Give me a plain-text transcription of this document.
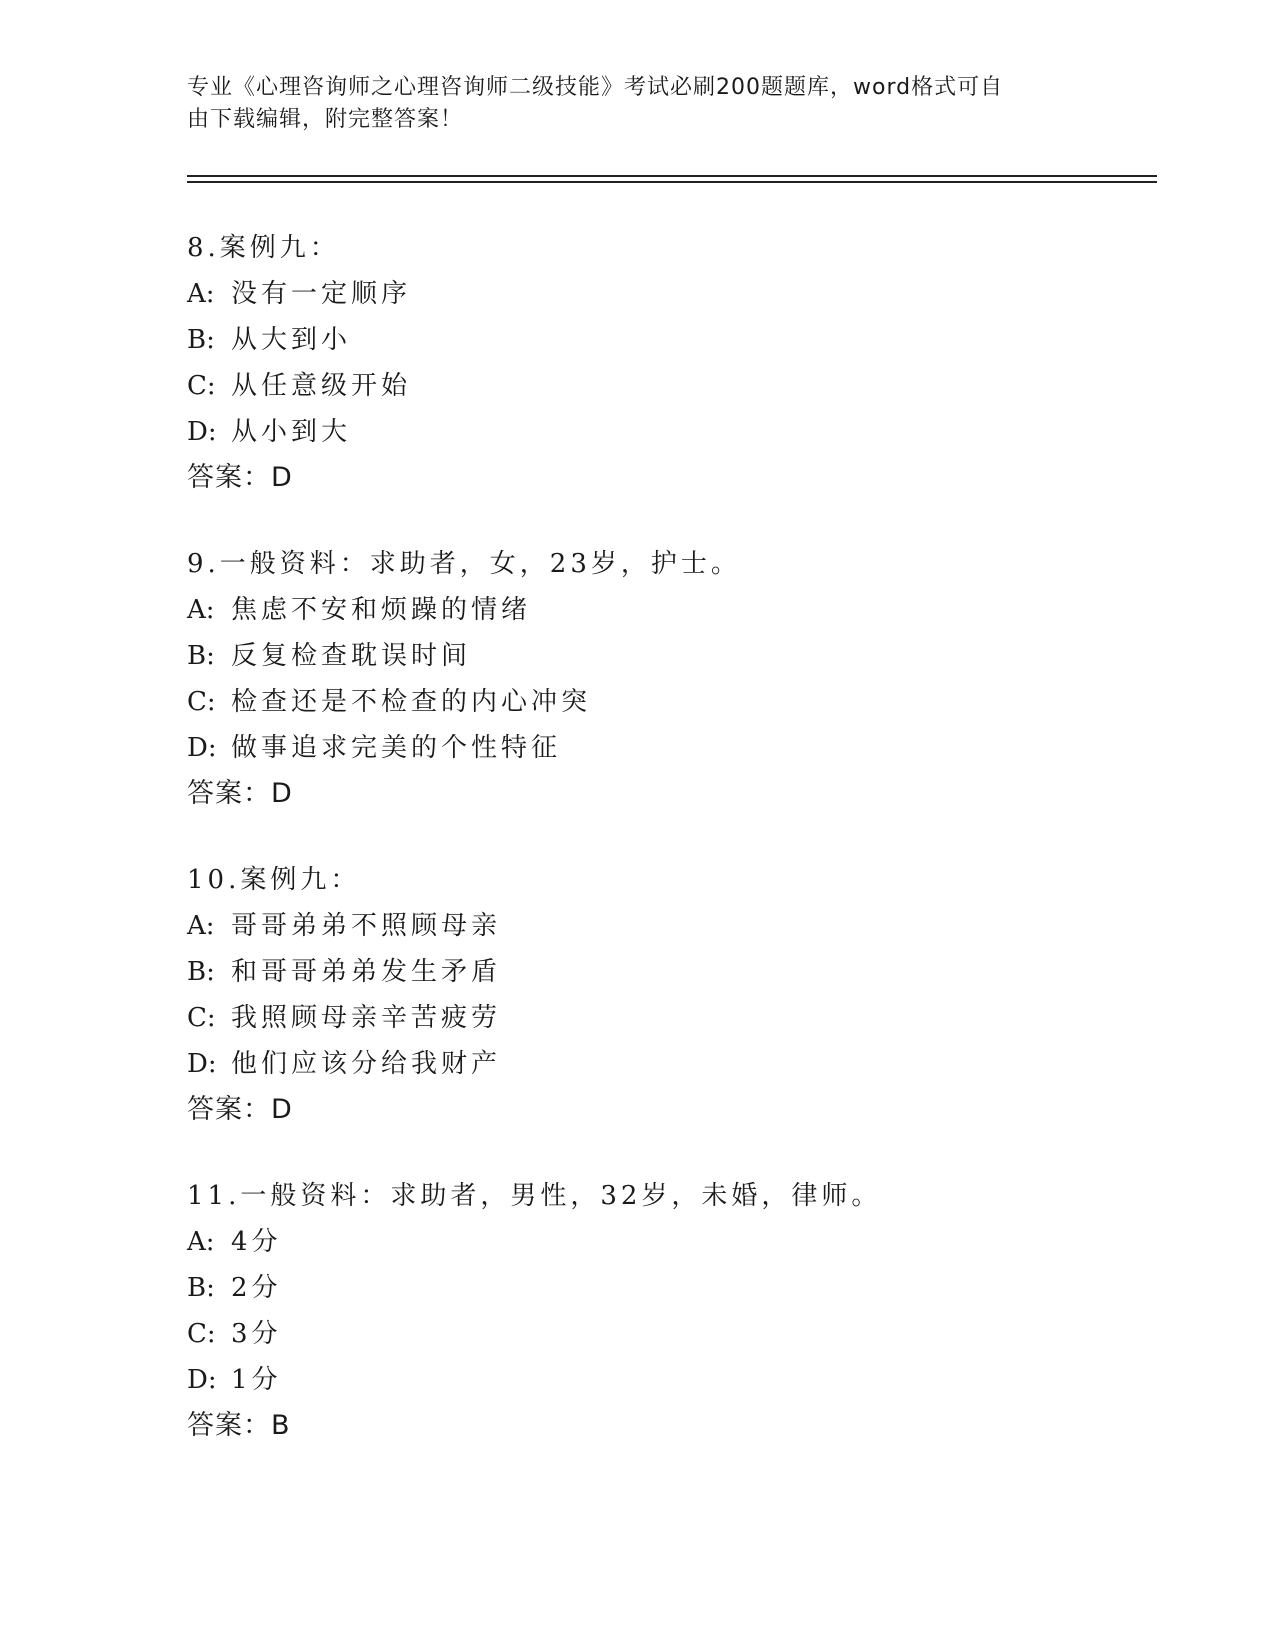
专业《心理咨询师之心理咨询师二级技能》考试必刷200题题库，word格式可自
由下载编辑，附完整答案！
8.案例九：
A: 没有一定顺序
B: 从大到小
C: 从任意级开始
D: 从小到大
答案：D
9.一般资料：求助者，女，23岁，护士。
A: 焦虑不安和烦躁的情绪
B: 反复检查耽误时间
C: 检查还是不检查的内心冲突
D: 做事追求完美的个性特征
答案：D
10.案例九：
A: 哥哥弟弟不照顾母亲
B: 和哥哥弟弟发生矛盾
C: 我照顾母亲辛苦疲劳
D: 他们应该分给我财产
答案：D
11.一般资料：求助者，男性，32岁，未婚，律师。
A: 4分
B: 2分
C: 3分
D: 1分
答案：B
